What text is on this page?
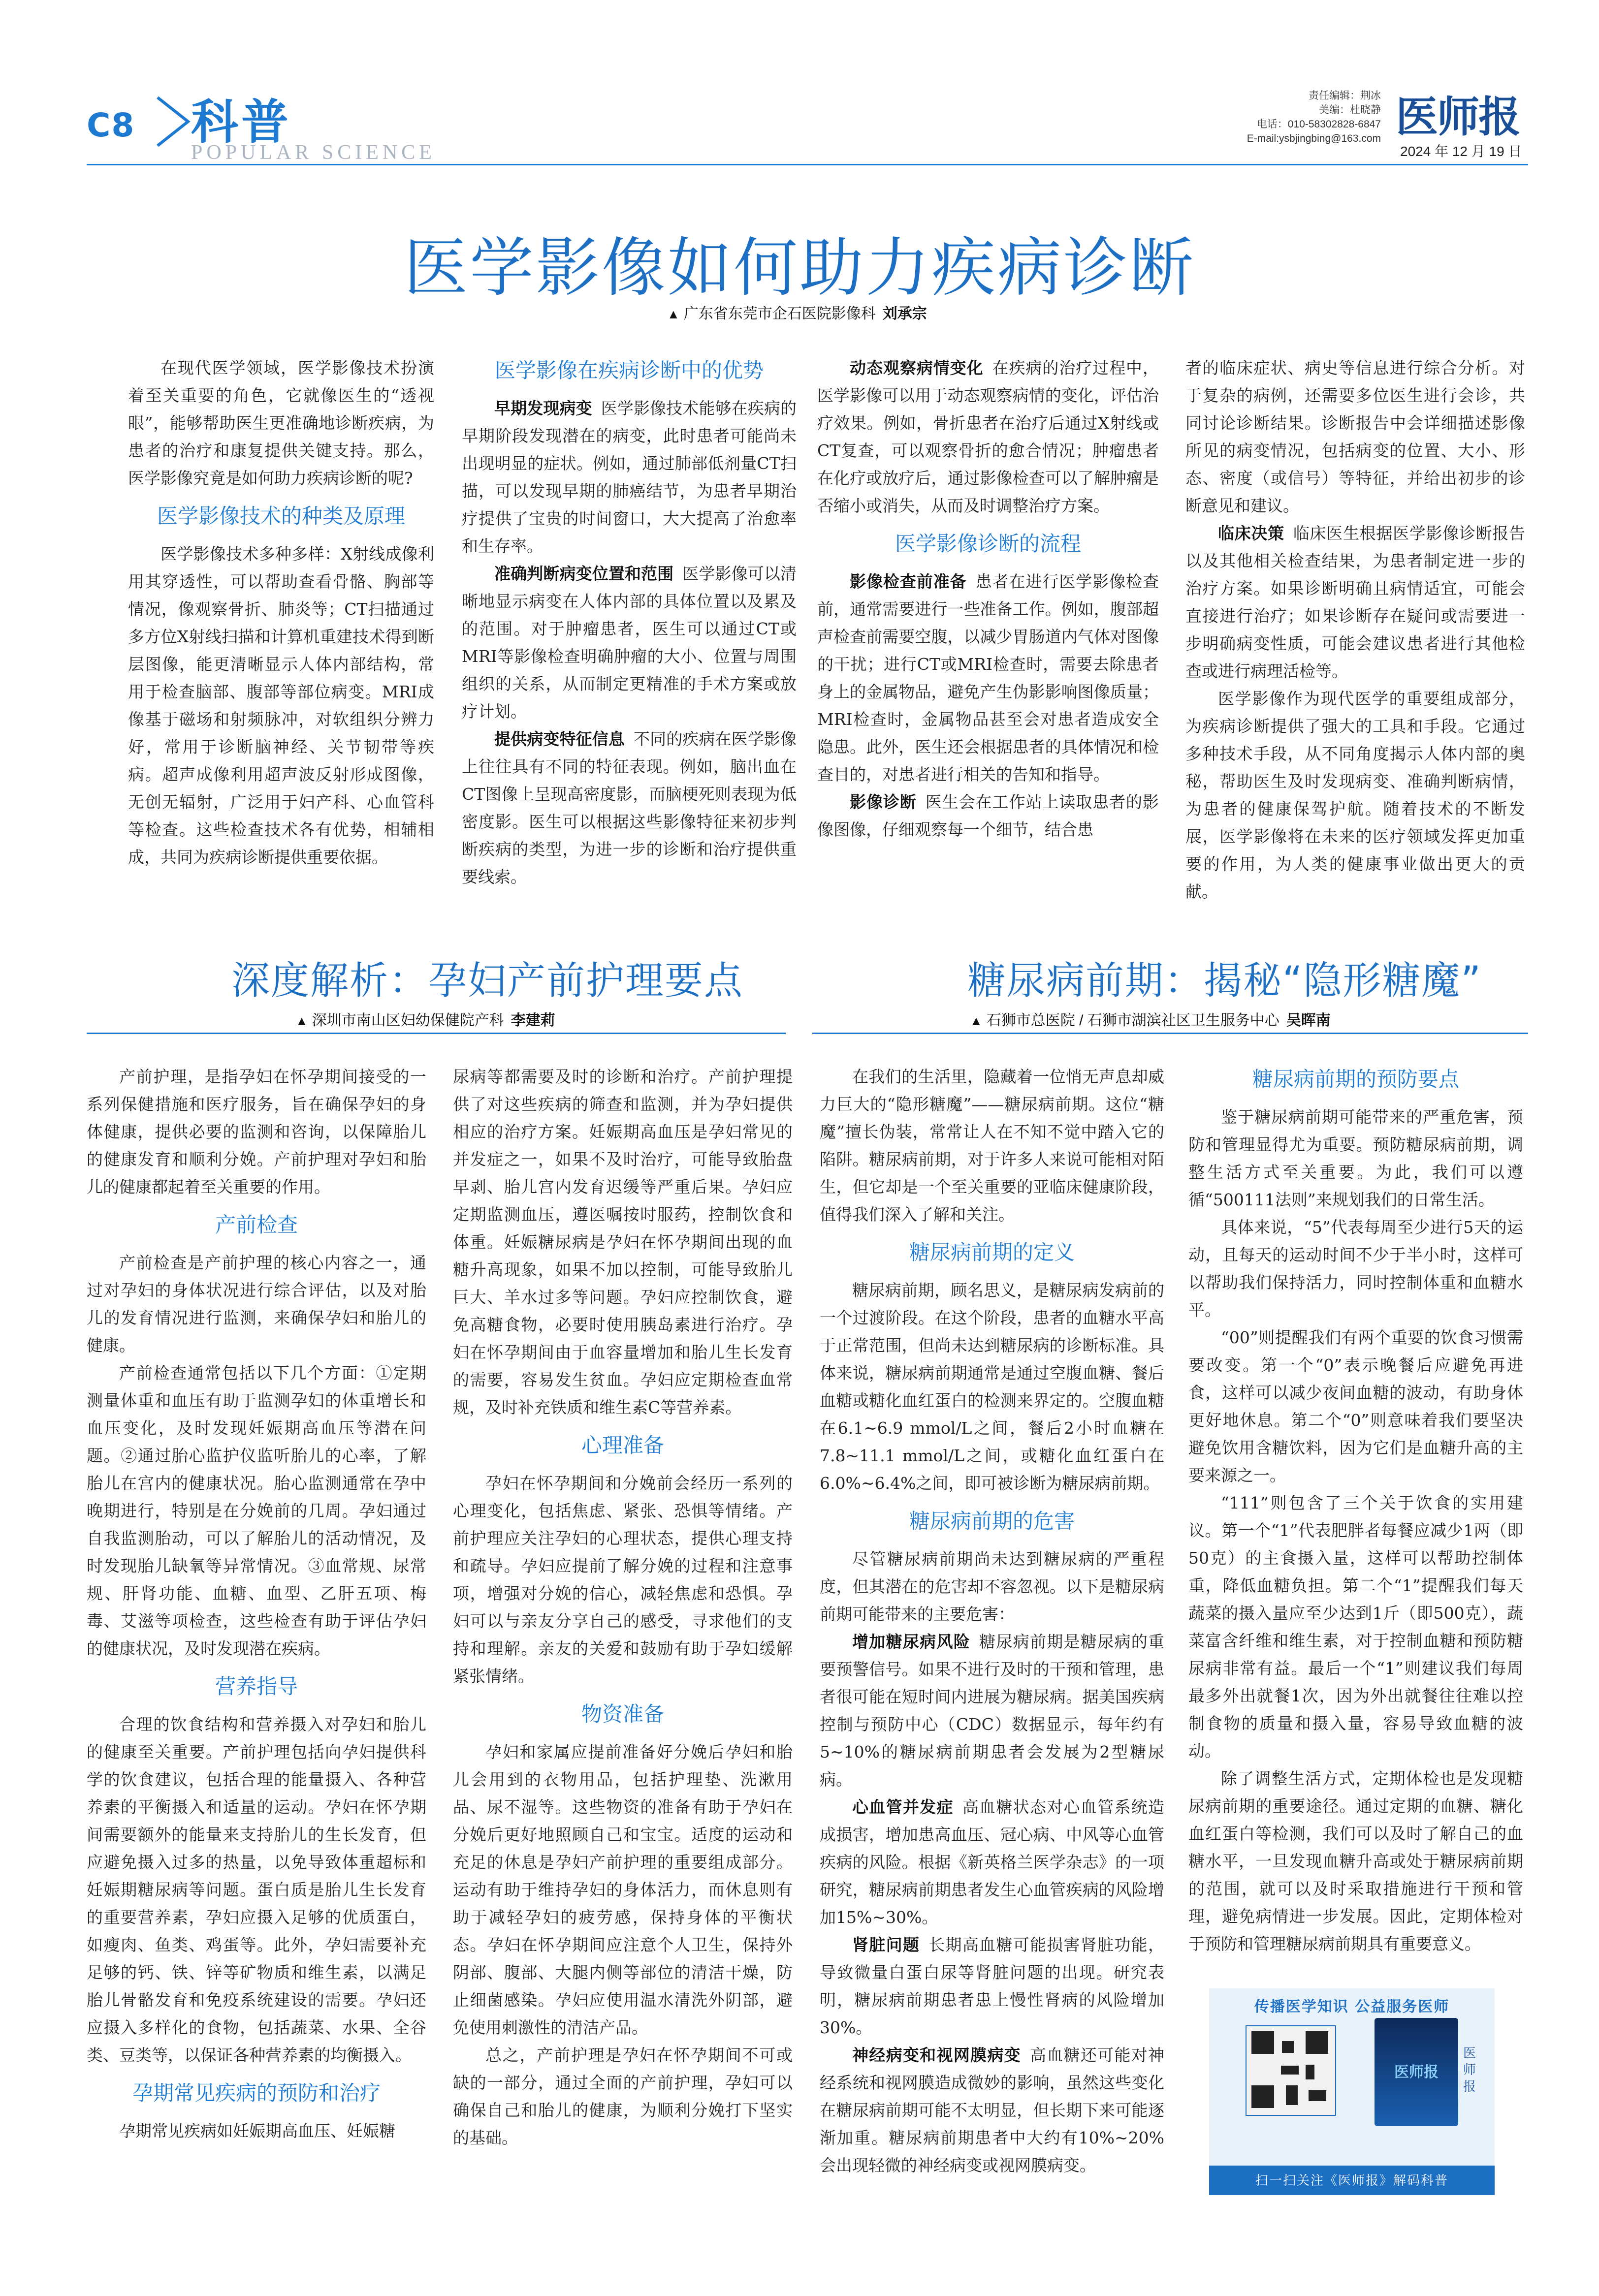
C8 科普
POPULAR SCIENCE
责任编辑：荆冰
美编：杜晓静
电话：010-58302828-6847
E-mail:ysbjingbing@163.com 医师报
2024 年 12 月 19 日
医学影像如何助力疾病诊断
▲ 广东省东莞市企石医院影像科 刘承宗

在现代医学领域，医学影像技术扮演着至关重要的角色，它就像医生的“透视眼”，能够帮助医生更准确地诊断疾病，为患者的治疗和康复提供关键支持。那么，医学影像究竟是如何助力疾病诊断的呢?

医学影像技术的种类及原理

医学影像技术多种多样：X射线成像利用其穿透性，可以帮助查看骨骼、胸部等情况，像观察骨折、肺炎等；CT扫描通过多方位X射线扫描和计算机重建技术得到断层图像，能更清晰显示人体内部结构，常用于检查脑部、腹部等部位病变。MRI成像基于磁场和射频脉冲，对软组织分辨力好，常用于诊断脑神经、关节韧带等疾病。超声成像利用超声波反射形成图像，无创无辐射，广泛用于妇产科、心血管科等检查。这些检查技术各有优势，相辅相成，共同为疾病诊断提供重要依据。

医学影像在疾病诊断中的优势

早期发现病变 医学影像技术能够在疾病的早期阶段发现潜在的病变，此时患者可能尚未出现明显的症状。例如，通过肺部低剂量CT扫描，可以发现早期的肺癌结节，为患者早期治疗提供了宝贵的时间窗口，大大提高了治愈率和生存率。

准确判断病变位置和范围 医学影像可以清晰地显示病变在人体内部的具体位置以及累及的范围。对于肿瘤患者，医生可以通过CT或MRI等影像检查明确肿瘤的大小、位置与周围组织的关系，从而制定更精准的手术方案或放疗计划。

提供病变特征信息 不同的疾病在医学影像上往往具有不同的特征表现。例如，脑出血在CT图像上呈现高密度影，而脑梗死则表现为低密度影。医生可以根据这些影像特征来初步判断疾病的类型，为进一步的诊断和治疗提供重要线索。

动态观察病情变化 在疾病的治疗过程中，医学影像可以用于动态观察病情的变化，评估治疗效果。例如，骨折患者在治疗后通过X射线或CT复查，可以观察骨折的愈合情况；肿瘤患者在化疗或放疗后，通过影像检查可以了解肿瘤是否缩小或消失，从而及时调整治疗方案。

医学影像诊断的流程

影像检查前准备 患者在进行医学影像检查前，通常需要进行一些准备工作。例如，腹部超声检查前需要空腹，以减少胃肠道内气体对图像的干扰；进行CT或MRI检查时，需要去除患者身上的金属物品，避免产生伪影影响图像质量；MRI检查时，金属物品甚至会对患者造成安全隐患。此外，医生还会根据患者的具体情况和检查目的，对患者进行相关的告知和指导。

影像诊断 医生会在工作站上读取患者的影像图像，仔细观察每一个细节，结合患

者的临床症状、病史等信息进行综合分析。对于复杂的病例，还需要多位医生进行会诊，共同讨论诊断结果。诊断报告中会详细描述影像所见的病变情况，包括病变的位置、大小、形态、密度（或信号）等特征，并给出初步的诊断意见和建议。

临床决策 临床医生根据医学影像诊断报告以及其他相关检查结果，为患者制定进一步的治疗方案。如果诊断明确且病情适宜，可能会直接进行治疗；如果诊断存在疑问或需要进一步明确病变性质，可能会建议患者进行其他检查或进行病理活检等。

医学影像作为现代医学的重要组成部分，为疾病诊断提供了强大的工具和手段。它通过多种技术手段，从不同角度揭示人体内部的奥秘，帮助医生及时发现病变、准确判断病情，为患者的健康保驾护航。随着技术的不断发展，医学影像将在未来的医疗领域发挥更加重要的作用，为人类的健康事业做出更大的贡献。

深度解析：孕妇产前护理要点
▲ 深圳市南山区妇幼保健院产科 李建莉

产前护理，是指孕妇在怀孕期间接受的一系列保健措施和医疗服务，旨在确保孕妇的身体健康，提供必要的监测和咨询，以保障胎儿的健康发育和顺利分娩。产前护理对孕妇和胎儿的健康都起着至关重要的作用。

产前检查

产前检查是产前护理的核心内容之一，通过对孕妇的身体状况进行综合评估，以及对胎儿的发育情况进行监测，来确保孕妇和胎儿的健康。

产前检查通常包括以下几个方面：①定期测量体重和血压有助于监测孕妇的体重增长和血压变化，及时发现妊娠期高血压等潜在问题。②通过胎心监护仪监听胎儿的心率，了解胎儿在宫内的健康状况。胎心监测通常在孕中晚期进行，特别是在分娩前的几周。孕妇通过自我监测胎动，可以了解胎儿的活动情况，及时发现胎儿缺氧等异常情况。③血常规、尿常规、肝肾功能、血糖、血型、乙肝五项、梅毒、艾滋等项检查，这些检查有助于评估孕妇的健康状况，及时发现潜在疾病。

营养指导

合理的饮食结构和营养摄入对孕妇和胎儿的健康至关重要。产前护理包括向孕妇提供科学的饮食建议，包括合理的能量摄入、各种营养素的平衡摄入和适量的运动。孕妇在怀孕期间需要额外的能量来支持胎儿的生长发育，但应避免摄入过多的热量，以免导致体重超标和妊娠期糖尿病等问题。蛋白质是胎儿生长发育的重要营养素，孕妇应摄入足够的优质蛋白，如瘦肉、鱼类、鸡蛋等。此外，孕妇需要补充足够的钙、铁、锌等矿物质和维生素，以满足胎儿骨骼发育和免疫系统建设的需要。孕妇还应摄入多样化的食物，包括蔬菜、水果、全谷类、豆类等，以保证各种营养素的均衡摄入。

孕期常见疾病的预防和治疗

孕期常见疾病如妊娠期高血压、妊娠糖

尿病等都需要及时的诊断和治疗。产前护理提供了对这些疾病的筛查和监测，并为孕妇提供相应的治疗方案。妊娠期高血压是孕妇常见的并发症之一，如果不及时治疗，可能导致胎盘早剥、胎儿宫内发育迟缓等严重后果。孕妇应定期监测血压，遵医嘱按时服药，控制饮食和体重。妊娠糖尿病是孕妇在怀孕期间出现的血糖升高现象，如果不加以控制，可能导致胎儿巨大、羊水过多等问题。孕妇应控制饮食，避免高糖食物，必要时使用胰岛素进行治疗。孕妇在怀孕期间由于血容量增加和胎儿生长发育的需要，容易发生贫血。孕妇应定期检查血常规，及时补充铁质和维生素C等营养素。

心理准备

孕妇在怀孕期间和分娩前会经历一系列的心理变化，包括焦虑、紧张、恐惧等情绪。产前护理应关注孕妇的心理状态，提供心理支持和疏导。孕妇应提前了解分娩的过程和注意事项，增强对分娩的信心，减轻焦虑和恐惧。孕妇可以与亲友分享自己的感受，寻求他们的支持和理解。亲友的关爱和鼓励有助于孕妇缓解紧张情绪。

物资准备

孕妇和家属应提前准备好分娩后孕妇和胎儿会用到的衣物用品，包括护理垫、洗漱用品、尿不湿等。这些物资的准备有助于孕妇在分娩后更好地照顾自己和宝宝。适度的运动和充足的休息是孕妇产前护理的重要组成部分。运动有助于维持孕妇的身体活力，而休息则有助于减轻孕妇的疲劳感，保持身体的平衡状态。孕妇在怀孕期间应注意个人卫生，保持外阴部、腹部、大腿内侧等部位的清洁干燥，防止细菌感染。孕妇应使用温水清洗外阴部，避免使用刺激性的清洁产品。

总之，产前护理是孕妇在怀孕期间不可或缺的一部分，通过全面的产前护理，孕妇可以确保自己和胎儿的健康，为顺利分娩打下坚实的基础。

糖尿病前期：揭秘“隐形糖魔”
▲ 石狮市总医院 / 石狮市湖滨社区卫生服务中心 吴晖南

在我们的生活里，隐藏着一位悄无声息却威力巨大的“隐形糖魔”——糖尿病前期。这位“糖魔”擅长伪装，常常让人在不知不觉中踏入它的陷阱。糖尿病前期，对于许多人来说可能相对陌生，但它却是一个至关重要的亚临床健康阶段，值得我们深入了解和关注。

糖尿病前期的定义

糖尿病前期，顾名思义，是糖尿病发病前的一个过渡阶段。在这个阶段，患者的血糖水平高于正常范围，但尚未达到糖尿病的诊断标准。具体来说，糖尿病前期通常是通过空腹血糖、餐后血糖或糖化血红蛋白的检测来界定的。空腹血糖在6.1~6.9 mmol/L之间，餐后2小时血糖在7.8~11.1 mmol/L之间，或糖化血红蛋白在6.0%~6.4%之间，即可被诊断为糖尿病前期。

糖尿病前期的危害

尽管糖尿病前期尚未达到糖尿病的严重程度，但其潜在的危害却不容忽视。以下是糖尿病前期可能带来的主要危害：

增加糖尿病风险 糖尿病前期是糖尿病的重要预警信号。如果不进行及时的干预和管理，患者很可能在短时间内进展为糖尿病。据美国疾病控制与预防中心（CDC）数据显示，每年约有5~10%的糖尿病前期患者会发展为2型糖尿病。

心血管并发症 高血糖状态对心血管系统造成损害，增加患高血压、冠心病、中风等心血管疾病的风险。根据《新英格兰医学杂志》的一项研究，糖尿病前期患者发生心血管疾病的风险增加15%~30%。

肾脏问题 长期高血糖可能损害肾脏功能，导致微量白蛋白尿等肾脏问题的出现。研究表明，糖尿病前期患者患上慢性肾病的风险增加30%。

神经病变和视网膜病变 高血糖还可能对神经系统和视网膜造成微妙的影响，虽然这些变化在糖尿病前期可能不太明显，但长期下来可能逐渐加重。糖尿病前期患者中大约有10%~20%会出现轻微的神经病变或视网膜病变。

糖尿病前期的预防要点

鉴于糖尿病前期可能带来的严重危害，预防和管理显得尤为重要。预防糖尿病前期，调整生活方式至关重要。为此，我们可以遵循“500111法则”来规划我们的日常生活。

具体来说，“5”代表每周至少进行5天的运动，且每天的运动时间不少于半小时，这样可以帮助我们保持活力，同时控制体重和血糖水平。

“00”则提醒我们有两个重要的饮食习惯需要改变。第一个“0”表示晚餐后应避免再进食，这样可以减少夜间血糖的波动，有助身体更好地休息。第二个“0”则意味着我们要坚决避免饮用含糖饮料，因为它们是血糖升高的主要来源之一。

“111”则包含了三个关于饮食的实用建议。第一个“1”代表肥胖者每餐应减少1两（即50克）的主食摄入量，这样可以帮助控制体重，降低血糖负担。第二个“1”提醒我们每天蔬菜的摄入量应至少达到1斤（即500克），蔬菜富含纤维和维生素，对于控制血糖和预防糖尿病非常有益。最后一个“1”则建议我们每周最多外出就餐1次，因为外出就餐往往难以控制食物的质量和摄入量，容易导致血糖的波动。

除了调整生活方式，定期体检也是发现糖尿病前期的重要途径。通过定期的血糖、糖化血红蛋白等检测，我们可以及时了解自己的血糖水平，一旦发现血糖升高或处于糖尿病前期的范围，就可以及时采取措施进行干预和管理，避免病情进一步发展。因此，定期体检对于预防和管理糖尿病前期具有重要意义。

传播医学知识 公益服务医师
医师报
医师报
扫一扫关注《医师报》解码科普
